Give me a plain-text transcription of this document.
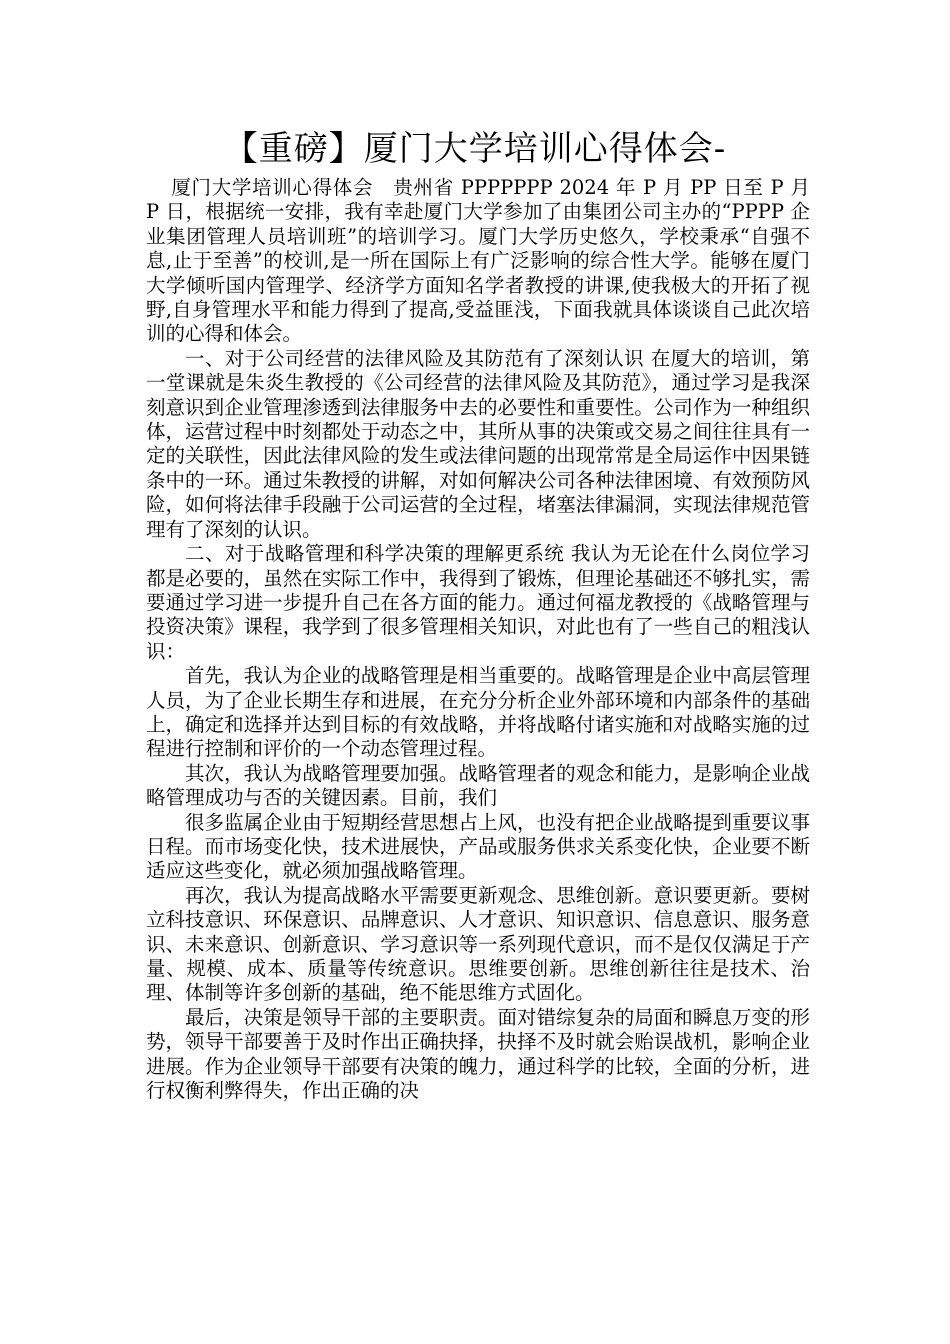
【重磅】厦门大学培训心得体会-

厦门大学培训心得体会　贵州省 PPPPPPP 2024 年 P 月 PP 日至 P 月 P 日，根据统一安排，我有幸赴厦门大学参加了由集团公司主办的“PPPP 企业集团管理人员培训班”的培训学习。厦门大学历史悠久，学校秉承“自强不息,止于至善”的校训,是一所在国际上有广泛影响的综合性大学。能够在厦门大学倾听国内管理学、经济学方面知名学者教授的讲课,使我极大的开拓了视野,自身管理水平和能力得到了提高,受益匪浅，下面我就具体谈谈自己此次培训的心得和体会。

一、对于公司经营的法律风险及其防范有了深刻认识 在厦大的培训，第一堂课就是朱炎生教授的《公司经营的法律风险及其防范》，通过学习是我深刻意识到企业管理渗透到法律服务中去的必要性和重要性。公司作为一种组织体，运营过程中时刻都处于动态之中，其所从事的决策或交易之间往往具有一定的关联性，因此法律风险的发生或法律问题的出现常常是全局运作中因果链条中的一环。通过朱教授的讲解，对如何解决公司各种法律困境、有效预防风险，如何将法律手段融于公司运营的全过程，堵塞法律漏洞，实现法律规范管理有了深刻的认识。

二、对于战略管理和科学决策的理解更系统 我认为无论在什么岗位学习都是必要的，虽然在实际工作中，我得到了锻炼，但理论基础还不够扎实，需要通过学习进一步提升自己在各方面的能力。通过何福龙教授的《战略管理与投资决策》课程，我学到了很多管理相关知识，对此也有了一些自己的粗浅认识：

首先，我认为企业的战略管理是相当重要的。战略管理是企业中高层管理人员，为了企业长期生存和进展，在充分分析企业外部环境和内部条件的基础上，确定和选择并达到目标的有效战略，并将战略付诸实施和对战略实施的过程进行控制和评价的一个动态管理过程。

其次，我认为战略管理要加强。战略管理者的观念和能力，是影响企业战略管理成功与否的关键因素。目前，我们

很多监属企业由于短期经营思想占上风，也没有把企业战略提到重要议事日程。而市场变化快，技术进展快，产品或服务供求关系变化快，企业要不断适应这些变化，就必须加强战略管理。

再次，我认为提高战略水平需要更新观念、思维创新。意识要更新。要树立科技意识、环保意识、品牌意识、人才意识、知识意识、信息意识、服务意识、未来意识、创新意识、学习意识等一系列现代意识，而不是仅仅满足于产量、规模、成本、质量等传统意识。思维要创新。思维创新往往是技术、治理、体制等许多创新的基础，绝不能思维方式固化。

最后，决策是领导干部的主要职责。面对错综复杂的局面和瞬息万变的形势，领导干部要善于及时作出正确抉择，抉择不及时就会贻误战机，影响企业进展。作为企业领导干部要有决策的魄力，通过科学的比较，全面的分析，进行权衡利弊得失，作出正确的决
